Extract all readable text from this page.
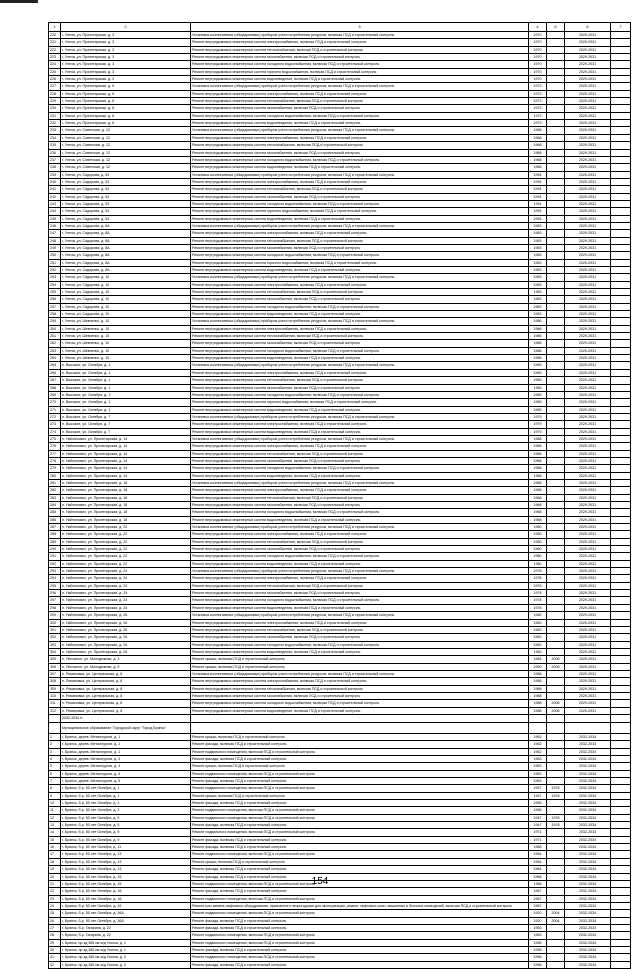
1	2	3	4	5	6	7
220	г. Унеча, ул. Пролетарская, д. 3	Установка коллективных (общедомовых) приборов учета потребления ресурсов, включая ПСД и строительный контроль	1970		2029-2031	
221	г. Унеча, ул. Пролетарская, д. 3	Ремонт внутридомовых инженерных систем электроснабжения, включая ПСД и строительный контроль	1970		2029-2031	
222	г. Унеча, ул. Пролетарская, д. 3	Ремонт внутридомовых инженерных систем теплоснабжения, включая ПСД и строительный контроль	1970		2029-2031	
223	г. Унеча, ул. Пролетарская, д. 3	Ремонт внутридомовых инженерных систем газоснабжения, включая ПСД и строительный контроль	1970		2029-2031	
224	г. Унеча, ул. Пролетарская, д. 3	Ремонт внутридомовых инженерных систем холодного водоснабжения, включая ПСД и строительный контроль	1970		2029-2031	
225	г. Унеча, ул. Пролетарская, д. 3	Ремонт внутридомовых инженерных систем горячего водоснабжения, включая ПСД и строительный контроль	1970		2029-2031	
226	г. Унеча, ул. Пролетарская, д. 3	Ремонт внутридомовых инженерных систем водоотведения, включая ПСД и строительный контроль	1970		2029-2031	
227	г. Унеча, ул. Пролетарская, д. 6	Установка коллективных (общедомовых) приборов учета потребления ресурсов, включая ПСД и строительный контроль	1973		2029-2031	
228	г. Унеча, ул. Пролетарская, д. 6	Ремонт внутридомовых инженерных систем электроснабжения, включая ПСД и строительный контроль	1973		2029-2031	
229	г. Унеча, ул. Пролетарская, д. 6	Ремонт внутридомовых инженерных систем теплоснабжения, включая ПСД и строительный контроль	1973		2029-2031	
230	г. Унеча, ул. Пролетарская, д. 6	Ремонт внутридомовых инженерных систем газоснабжения, включая ПСД и строительный контроль	1973		2029-2031	
231	г. Унеча, ул. Пролетарская, д. 6	Ремонт внутридомовых инженерных систем холодного водоснабжения, включая ПСД и строительный контроль	1973		2029-2031	
232	г. Унеча, ул. Пролетарская, д. 6	Ремонт внутридомовых инженерных систем водоотведения, включая ПСД и строительный контроль	1973		2029-2031	
233	г. Унеча, ул. Советская, д. 12	Установка коллективных (общедомовых) приборов учета потребления ресурсов, включая ПСД и строительный контроль	1968		2029-2031	
234	г. Унеча, ул. Советская, д. 12	Ремонт внутридомовых инженерных систем электроснабжения, включая ПСД и строительный контроль	1968		2029-2031	
235	г. Унеча, ул. Советская, д. 12	Ремонт внутридомовых инженерных систем теплоснабжения, включая ПСД и строительный контроль	1968		2029-2031	
236	г. Унеча, ул. Советская, д. 12	Ремонт внутридомовых инженерных систем газоснабжения, включая ПСД и строительный контроль	1968		2029-2031	
237	г. Унеча, ул. Советская, д. 12	Ремонт внутридомовых инженерных систем холодного водоснабжения, включая ПСД и строительный контроль	1968		2029-2031	
238	г. Унеча, ул. Советская, д. 12	Ремонт внутридомовых инженерных систем водоотведения, включая ПСД и строительный контроль	1968		2029-2031	
239	г. Унеча, ул. Сидорова, д. 53	Установка коллективных (общедомовых) приборов учета потребления ресурсов, включая ПСД и строительный контроль	1994		2029-2031	
240	г. Унеча, ул. Сидорова, д. 53	Ремонт внутридомовых инженерных систем электроснабжения, включая ПСД и строительный контроль	1994		2029-2031	
241	г. Унеча, ул. Сидорова, д. 53	Ремонт внутридомовых инженерных систем теплоснабжения, включая ПСД и строительный контроль	1994		2029-2031	
242	г. Унеча, ул. Сидорова, д. 53	Ремонт внутридомовых инженерных систем газоснабжения, включая ПСД и строительный контроль	1994		2029-2031	
243	г. Унеча, ул. Сидорова, д. 53	Ремонт внутридомовых инженерных систем холодного водоснабжения, включая ПСД и строительный контроль	1994		2029-2031	
244	г. Унеча, ул. Сидорова, д. 53	Ремонт внутридомовых инженерных систем горячего водоснабжения, включая ПСД и строительный контроль	1994		2029-2031	
245	г. Унеча, ул. Сидорова, д. 53	Ремонт внутридомовых инженерных систем водоотведения, включая ПСД и строительный контроль	1994		2029-2031	
246	г. Унеча, ул. Сидорова, д. 8А	Установка коллективных (общедомовых) приборов учета потребления ресурсов, включая ПСД и строительный контроль	1983		2029-2031	
247	г. Унеча, ул. Сидорова, д. 8А	Ремонт внутридомовых инженерных систем электроснабжения, включая ПСД и строительный контроль	1983		2029-2031	
248	г. Унеча, ул. Сидорова, д. 8А	Ремонт внутридомовых инженерных систем теплоснабжения, включая ПСД и строительный контроль	1983		2029-2031	
249	г. Унеча, ул. Сидорова, д. 8А	Ремонт внутридомовых инженерных систем газоснабжения, включая ПСД и строительный контроль	1983		2029-2031	
250	г. Унеча, ул. Сидорова, д. 8А	Ремонт внутридомовых инженерных систем холодного водоснабжения, включая ПСД и строительный контроль	1983		2029-2031	
251	г. Унеча, ул. Сидорова, д. 8А	Ремонт внутридомовых инженерных систем горячего водоснабжения, включая ПСД и строительный контроль	1983		2029-2031	
252	г. Унеча, ул. Сидорова, д. 8А	Ремонт внутридомовых инженерных систем водоотведения, включая ПСД и строительный контроль	1983		2029-2031	
253	г. Унеча, ул. Сидорова, д. 10	Установка коллективных (общедомовых) приборов учета потребления ресурсов, включая ПСД и строительный контроль	1983		2029-2031	
254	г. Унеча, ул. Сидорова, д. 10	Ремонт внутридомовых инженерных систем электроснабжения, включая ПСД и строительный контроль	1983		2029-2031	
255	г. Унеча, ул. Сидорова, д. 10	Ремонт внутридомовых инженерных систем теплоснабжения, включая ПСД и строительный контроль	1983		2029-2031	
256	г. Унеча, ул. Сидорова, д. 10	Ремонт внутридомовых инженерных систем газоснабжения, включая ПСД и строительный контроль	1983		2029-2031	
257	г. Унеча, ул. Сидорова, д. 10	Ремонт внутридомовых инженерных систем холодного водоснабжения, включая ПСД и строительный контроль	1983		2029-2031	
258	г. Унеча, ул. Сидорова, д. 10	Ремонт внутридомовых инженерных систем водоотведения, включая ПСД и строительный контроль	1983		2029-2031	
259	г. Унеча, ул. Шевченко, д. 10	Установка коллективных (общедомовых) приборов учета потребления ресурсов, включая ПСД и строительный контроль	1986		2029-2031	
260	г. Унеча, ул. Шевченко, д. 10	Ремонт внутридомовых инженерных систем электроснабжения, включая ПСД и строительный контроль	1986		2029-2031	
261	г. Унеча, ул. Шевченко, д. 10	Ремонт внутридомовых инженерных систем теплоснабжения, включая ПСД и строительный контроль	1986		2029-2031	
262	г. Унеча, ул. Шевченко, д. 10	Ремонт внутридомовых инженерных систем газоснабжения, включая ПСД и строительный контроль	1986		2029-2031	
263	г. Унеча, ул. Шевченко, д. 10	Ремонт внутридомовых инженерных систем холодного водоснабжения, включая ПСД и строительный контроль	1986		2029-2031	
264	г. Унеча, ул. Шевченко, д. 10	Ремонт внутридомовых инженерных систем водоотведения, включая ПСД и строительный контроль	1986		2029-2031	
265	п. Высокое, ул. Октября, д. 1	Установка коллективных (общедомовых) приборов учета потребления ресурсов, включая ПСД и строительный контроль	1965		2029-2031	
266	п. Высокое, ул. Октября, д. 1	Ремонт внутридомовых инженерных систем электроснабжения, включая ПСД и строительный контроль	1965		2029-2031	
267	п. Высокое, ул. Октября, д. 1	Ремонт внутридомовых инженерных систем теплоснабжения, включая ПСД и строительный контроль	1965		2029-2031	
268	п. Высокое, ул. Октября, д. 1	Ремонт внутридомовых инженерных систем газоснабжения, включая ПСД и строительный контроль	1965		2029-2031	
269	п. Высокое, ул. Октября, д. 1	Ремонт внутридомовых инженерных систем холодного водоснабжения, включая ПСД и строительный контроль	1965		2029-2031	
270	п. Высокое, ул. Октября, д. 1	Ремонт внутридомовых инженерных систем горячего водоснабжения, включая ПСД и строительный контроль	1965		2029-2031	
271	п. Высокое, ул. Октября, д. 1	Ремонт внутридомовых инженерных систем водоотведения, включая ПСД и строительный контроль	1965		2029-2031	
272	п. Высокое, ул. Октября, д. 7	Установка коллективных (общедомовых) приборов учета потребления ресурсов, включая ПСД и строительный контроль	1979		2029-2031	
273	п. Высокое, ул. Октября, д. 7	Ремонт внутридомовых инженерных систем электроснабжения, включая ПСД и строительный контроль	1979		2029-2031	
274	п. Высокое, ул. Октября, д. 7	Ремонт внутридомовых инженерных систем водоотведения, включая ПСД и строительный контроль	1979		2029-2031	
275	п. Найтопович, ул. Пролетарская, д. 14	Установка коллективных (общедомовых) приборов учета потребления ресурсов, включая ПСД и строительный контроль	1968		2029-2031	
276	п. Найтопович, ул. Пролетарская, д. 14	Ремонт внутридомовых инженерных систем электроснабжения, включая ПСД и строительный контроль	1968		2029-2031	
277	п. Найтопович, ул. Пролетарская, д. 14	Ремонт внутридомовых инженерных систем теплоснабжения, включая ПСД и строительный контроль	1968		2029-2031	
278	п. Найтопович, ул. Пролетарская, д. 14	Ремонт внутридомовых инженерных систем газоснабжения, включая ПСД и строительный контроль	1968		2029-2031	
279	п. Найтопович, ул. Пролетарская, д. 14	Ремонт внутридомовых инженерных систем холодного водоснабжения, включая ПСД и строительный контроль	1968		2029-2031	
280	п. Найтопович, ул. Пролетарская, д. 14	Ремонт внутридомовых инженерных систем водоотведения, включая ПСД и строительный контроль	1968		2029-2031	
281	п. Найтопович, ул. Пролетарская, д. 18	Установка коллективных (общедомовых) приборов учета потребления ресурсов, включая ПСД и строительный контроль	1968		2029-2031	
282	п. Найтопович, ул. Пролетарская, д. 18	Ремонт внутридомовых инженерных систем электроснабжения, включая ПСД и строительный контроль	1968		2029-2031	
283	п. Найтопович, ул. Пролетарская, д. 18	Ремонт внутридомовых инженерных систем теплоснабжения, включая ПСД и строительный контроль	1968		2029-2031	
284	п. Найтопович, ул. Пролетарская, д. 18	Ремонт внутридомовых инженерных систем газоснабжения, включая ПСД и строительный контроль	1968		2029-2031	
285	п. Найтопович, ул. Пролетарская, д. 18	Ремонт внутридомовых инженерных систем холодного водоснабжения, включая ПСД и строительный контроль	1968		2029-2031	
286	п. Найтопович, ул. Пролетарская, д. 18	Ремонт внутридомовых инженерных систем водоотведения, включая ПСД и строительный контроль	1968		2029-2031	
287	п. Найтопович, ул. Пролетарская, д. 22	Установка коллективных (общедомовых) приборов учета потребления ресурсов, включая ПСД и строительный контроль	1980		2029-2031	
288	п. Найтопович, ул. Пролетарская, д. 22	Ремонт внутридомовых инженерных систем электроснабжения, включая ПСД и строительный контроль	1980		2029-2031	
289	п. Найтопович, ул. Пролетарская, д. 22	Ремонт внутридомовых инженерных систем теплоснабжения, включая ПСД и строительный контроль	1980		2029-2031	
290	п. Найтопович, ул. Пролетарская, д. 22	Ремонт внутридомовых инженерных систем газоснабжения, включая ПСД и строительный контроль	1980		2029-2031	
291	п. Найтопович, ул. Пролетарская, д. 22	Ремонт внутридомовых инженерных систем холодного водоснабжения, включая ПСД и строительный контроль	1980		2029-2031	
292	п. Найтопович, ул. Пролетарская, д. 22	Ремонт внутридомовых инженерных систем водоотведения, включая ПСД и строительный контроль	1980		2029-2031	
293	п. Найтопович, ул. Пролетарская, д. 24	Установка коллективных (общедомовых) приборов учета потребления ресурсов, включая ПСД и строительный контроль	1978		2029-2031	
294	п. Найтопович, ул. Пролетарская, д. 24	Ремонт внутридомовых инженерных систем электроснабжения, включая ПСД и строительный контроль	1978		2029-2031	
295	п. Найтопович, ул. Пролетарская, д. 24	Ремонт внутридомовых инженерных систем теплоснабжения, включая ПСД и строительный контроль	1978		2029-2031	
296	п. Найтопович, ул. Пролетарская, д. 24	Ремонт внутридомовых инженерных систем газоснабжения, включая ПСД и строительный контроль	1978		2029-2031	
297	п. Найтопович, ул. Пролетарская, д. 24	Ремонт внутридомовых инженерных систем холодного водоснабжения, включая ПСД и строительный контроль	1978		2029-2031	
298	п. Найтопович, ул. Пролетарская, д. 24	Ремонт внутридомовых инженерных систем водоотведения, включая ПСД и строительный контроль	1978		2029-2031	
299	п. Найтопович, ул. Пролетарская, д. 26	Установка коллективных (общедомовых) приборов учета потребления ресурсов, включая ПСД и строительный контроль	1982		2029-2031	
300	п. Найтопович, ул. Пролетарская, д. 26	Ремонт внутридомовых инженерных систем электроснабжения, включая ПСД и строительный контроль	1982		2029-2031	
301	п. Найтопович, ул. Пролетарская, д. 26	Ремонт внутридомовых инженерных систем теплоснабжения, включая ПСД и строительный контроль	1982		2029-2031	
302	п. Найтопович, ул. Пролетарская, д. 26	Ремонт внутридомовых инженерных систем газоснабжения, включая ПСД и строительный контроль	1982		2029-2031	
303	п. Найтопович, ул. Пролетарская, д. 26	Ремонт внутридомовых инженерных систем холодного водоснабжения, включая ПСД и строительный контроль	1982		2029-2031	
304	п. Найтопович, ул. Пролетарская, д. 26	Ремонт внутридомовых инженерных систем водоотведения, включая ПСД и строительный контроль	1982		2029-2031	
305	п. Песчаное, ул. Молодежная, д. 3	Ремонт крыши, включая ПСД и строительный контроль	1984	2008	2029-2031	
306	п. Песчаное, ул. Молодежная, д. 9	Ремонт крыши, включая ПСД и строительный контроль	1990	2008	2029-2031	
307	п. Романовка, ул. Центральная, д. 8	Установка коллективных (общедомовых) приборов учета потребления ресурсов, включая ПСД и строительный контроль	1988		2029-2031	
308	п. Романовка, ул. Центральная, д. 8	Ремонт внутридомовых инженерных систем электроснабжения, включая ПСД и строительный контроль	1988		2029-2031	
309	п. Романовка, ул. Центральная, д. 8	Ремонт внутридомовых инженерных систем теплоснабжения, включая ПСД и строительный контроль	1988		2029-2031	
310	п. Романовка, ул. Центральная, д. 8	Ремонт внутридомовых инженерных систем газоснабжения, включая ПСД и строительный контроль	1988		2029-2031	
311	п. Романовка, ул. Центральная, д. 8	Ремонт внутридомовых инженерных систем холодного водоснабжения, включая ПСД и строительный контроль	1988	2008	2029-2031	
312	п. Романовка, ул. Центральная, д. 8	Ремонт внутридомовых инженерных систем водоотведения, включая ПСД и строительный контроль	1988	2008	2029-2031	
	2032-2034 гг.					
	Муниципальное образование "Городской округ "Город Брянск"					
1	г. Брянск, дерев. Металлургов, д. 1	Ремонт крыши, включая ПСД и строительный контроль	1962		2032-2034	
2	г. Брянск, дерев. Металлургов, д. 1	Ремонт фасада, включая ПСД и строительный контроль	1962		2032-2034	
3	г. Брянск, дерев. Металлургов, д. 1	Ремонт подвального помещения, включая ПСД и строительный контроль	1962		2032-2034	
4	г. Брянск, дерев. Металлургов, д. 3	Ремонт фасада, включая ПСД и строительный контроль	1963		2032-2034	
5	г. Брянск, дерев. Металлургов, д. 3	Ремонт крыши, включая ПСД и строительный контроль	1963		2032-2034	
6	г. Брянск, дерев. Металлургов, д. 3	Ремонт подвального помещения, включая ПСД и строительный контроль	1963		2032-2034	
7	г. Брянск, дерев. Металлургов, д. 5	Ремонт фасада, включая ПСД и строительный контроль	1963		2032-2034	
8	г. Брянск, б-р. 50 лет Октября, д. 1	Ремонт подвального помещения, включая ПСД и строительный контроль	1947	1978	2032-2034	
9	г. Брянск, б-р. 50 лет Октября, д. 1	Ремонт крыши, включая ПСД и строительный контроль	1947	1978	2032-2034	
10	г. Брянск, б-р. 50 лет Октября, д. 3	Ремонт фасада, включая ПСД и строительный контроль	1956		2032-2034	
11	г. Брянск, б-р. 50 лет Октября, д. 3	Ремонт подвального помещения, включая ПСД и строительный контроль	1956		2032-2034	
12	г. Брянск, б-р. 50 лет Октября, д. 5	Ремонт подвального помещения, включая ПСД и строительный контроль	1947	1978	2032-2034	
13	г. Брянск, б-р. 50 лет Октября, д. 5	Ремонт фасада, включая ПСД и строительный контроль	1947	1978	2032-2034	
14	г. Брянск, б-р. 50 лет Октября, д. 9	Ремонт подвального помещения, включая ПСД и строительный контроль	1971		2032-2034	
15	г. Брянск, б-р. 50 лет Октября, д. 9	Ремонт фасада, включая ПСД и строительный контроль	1971		2032-2034	
16	г. Брянск, б-р. 50 лет Октября, д. 11	Ремонт фасада, включая ПСД и строительный контроль	1968		2032-2034	
17	г. Брянск, б-р. 50 лет Октября, д. 13	Ремонт подвального помещения, включая ПСД и строительный контроль	1964		2032-2034	
18	г. Брянск, б-р. 50 лет Октября, д. 13	Ремонт крыши, включая ПСД и строительный контроль	1964		2032-2034	
19	г. Брянск, б-р. 50 лет Октября, д. 13	Ремонт фасада, включая ПСД и строительный контроль	1964		2032-2034	
20	г. Брянск, б-р. 50 лет Октября, д. 15	Ремонт фасада, включая ПСД и строительный контроль	1968		2032-2034	
21	г. Брянск, б-р. 50 лет Октября, д. 15	Ремонт подвального помещения, включая ПСД и строительный контроль	1968		2032-2034	
22	г. Брянск, б-р. 50 лет Октября, д. 16	Ремонт фасада, включая ПСД и строительный контроль	1967		2032-2034	
23	г. Брянск, б-р. 50 лет Октября, д. 16	Ремонт подвального помещения, включая ПСД и строительный контроль	1967		2032-2034	
24	г. Брянск, б-р. 50 лет Октября, д. 16	Ремонт или замена лифтового оборудования, признанного непригодным для эксплуатации, ремонт лифтовых шахт, машинных и блочных помещений, включая ПСД и строительный контроль	1967		2032-2034	
25	г. Брянск, б-р. 50 лет Октября, д. 36А	Ремонт подвального помещения, включая ПСД и строительный контроль	1920	2004	2032-2034	
26	г. Брянск, б-р. 50 лет Октября, д. 36А	Ремонт фасада, включая ПСД и строительный контроль	1920	2004	2032-2034	
27	г. Брянск, б-р. Гагарина, д. 22	Ремонт фасада, включая ПСД и строительный контроль	1963		2032-2034	
28	г. Брянск, б-р. Гагарина, д. 22	Ремонт подвального помещения, включая ПСД и строительный контроль	1963		2032-2034	
29	г. Брянск, пр-зд 365 км ж/д Уголка, д. 1	Ремонт подвального помещения, включая ПСД и строительный контроль	1958		2032-2034	
30	г. Брянск, пр-зд 365 км ж/д Уголка, д. 1	Ремонт фасада, включая ПСД и строительный контроль	1958		2032-2034	
31	г. Брянск, пр-зд 365 км ж/д Уголка, д. 2	Ремонт подвального помещения, включая ПСД и строительный контроль	1958		2032-2034	
32	г. Брянск, пр-зд 365 км ж/д Уголка, д. 2	Ремонт фасада, включая ПСД и строительный контроль	1958		2032-2034	
154
